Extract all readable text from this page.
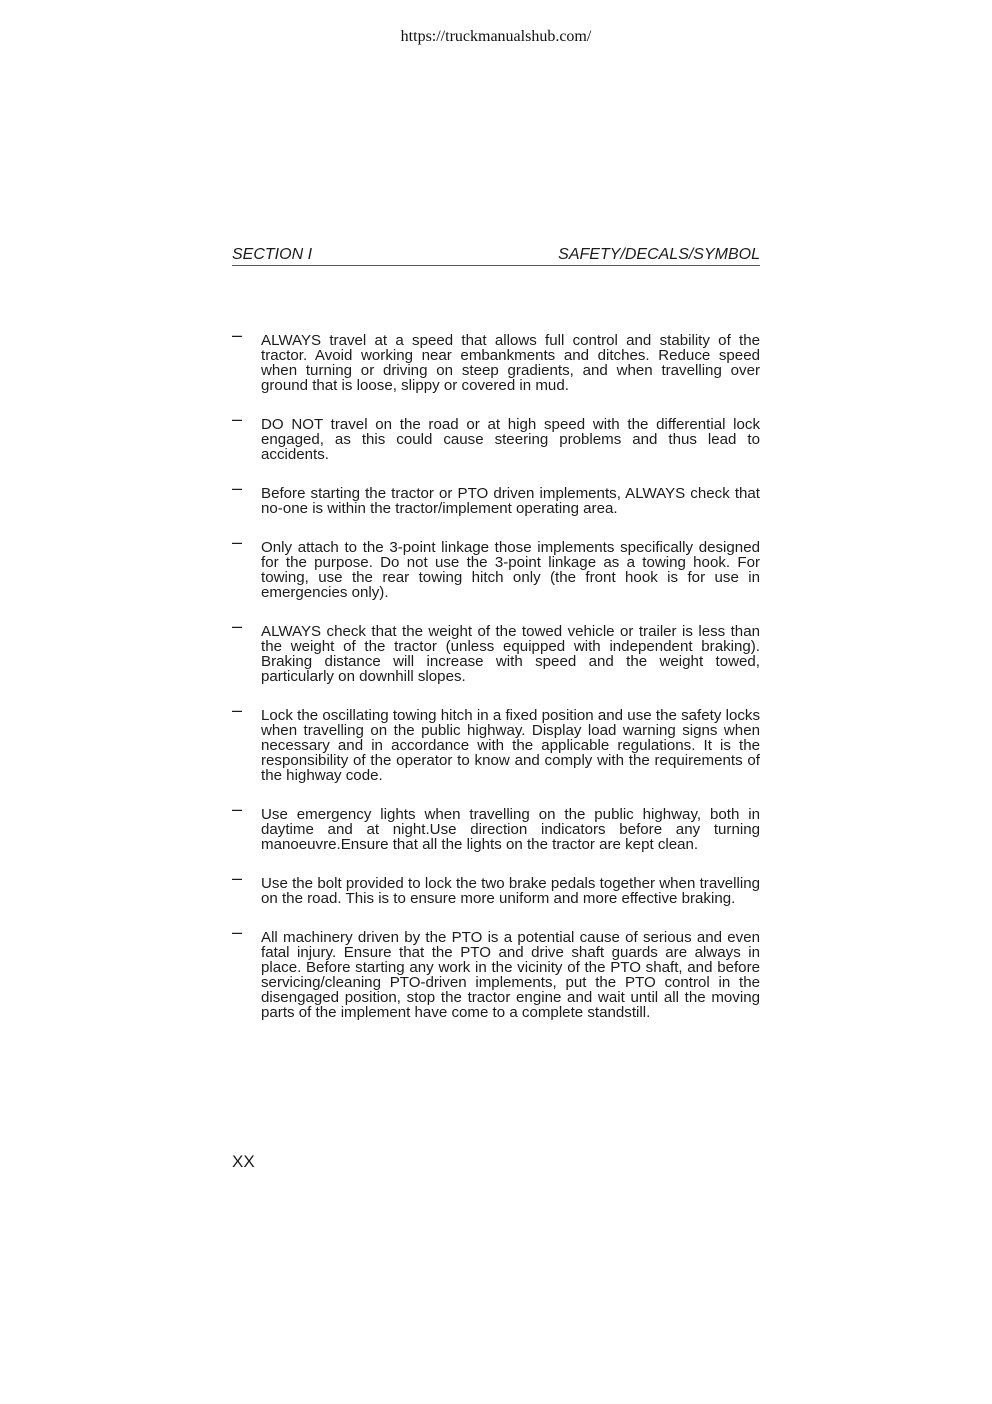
https://truckmanualshub.com/
SECTION I	SAFETY/DECALS/SYMBOL
– ALWAYS travel at a speed that allows full control and stability of the tractor. Avoid working near embankments and ditches. Reduce speed when turning or driving on steep gradients, and when travelling over ground that is loose, slippy or covered in mud.
– DO NOT travel on the road or at high speed with the differential lock engaged, as this could cause steering problems and thus lead to accidents.
– Before starting the tractor or PTO driven implements, ALWAYS check that no-one is within the tractor/implement operating area.
– Only attach to the 3-point linkage those implements specifically designed for the purpose. Do not use the 3-point linkage as a towing hook. For towing, use the rear towing hitch only (the front hook is for use in emergencies only).
– ALWAYS check that the weight of the towed vehicle or trailer is less than the weight of the tractor (unless equipped with independent braking). Braking distance will increase with speed and the weight towed, particularly on downhill slopes.
– Lock the oscillating towing hitch in a fixed position and use the safety locks when travelling on the public highway. Display load warning signs when necessary and in accordance with the applicable regulations. It is the responsibility of the operator to know and comply with the requirements of the highway code.
– Use emergency lights when travelling on the public highway, both in daytime and at night.Use direction indicators before any turning manoeuvre.Ensure that all the lights on the tractor are kept clean.
– Use the bolt provided to lock the two brake pedals together when travelling on the road. This is to ensure more uniform and more effective braking.
– All machinery driven by the PTO is a potential cause of serious and even fatal injury. Ensure that the PTO and drive shaft guards are always in place. Before starting any work in the vicinity of the PTO shaft, and before servicing/cleaning PTO-driven implements, put the PTO control in the disengaged position, stop the tractor engine and wait until all the moving parts of the implement have come to a complete standstill.
XX
